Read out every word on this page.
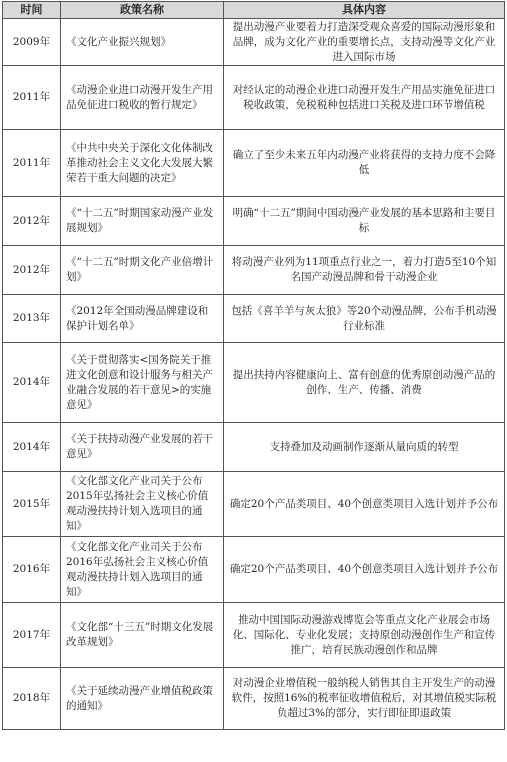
时间	政策名称	具体内容
2009年	《文化产业振兴规划》	提出动漫产业要着力打造深受观众喜爱的国际动漫形象和品牌，成为文化产业的重要增长点，支持动漫等文化产业进入国际市场
2011年	《动漫企业进口动漫开发生产用品免征进口税收的暂行规定》	对经认定的动漫企业进口动漫开发生产用品实施免征进口税收政策，免税税种包括进口关税及进口环节增值税
2011年	《中共中央关于深化文化体制改革推动社会主义文化大发展大繁荣若干重大问题的决定》	确立了至少未来五年内动漫产业将获得的支持力度不会降低
2012年	《“十二五”时期国家动漫产业发展规划》	明确“十二五”期间中国动漫产业发展的基本思路和主要目标
2012年	《“十二五”时期文化产业倍增计划》	将动漫产业列为11项重点行业之一，着力打造5至10个知名国产动漫品牌和骨干动漫企业
2013年	《2012年全国动漫品牌建设和保护计划名单》	包括《喜羊羊与灰太狼》等20个动漫品牌，公布手机动漫行业标准
2014年	《关于贯彻落实<国务院关于推进文化创意和设计服务与相关产业融合发展的若干意见>的实施意见》	提出扶持内容健康向上、富有创意的优秀原创动漫产品的创作、生产、传播、消费
2014年	《关于扶持动漫产业发展的若干意见》	支持叠加及动画制作逐渐从量向质的转型
2015年	《文化部文化产业司关于公布2015年弘扬社会主义核心价值观动漫扶持计划入选项目的通知》	确定20个产品类项目、40个创意类项目入选计划并予公布
2016年	《文化部文化产业司关于公布2016年弘扬社会主义核心价值观动漫扶持计划入选项目的通知》	确定20个产品类项目、40个创意类项目入选计划并予公布
2017年	《文化部“十三五”时期文化发展改革规划》	推动中国国际动漫游戏博览会等重点文化产业展会市场化、国际化、专业化发展；支持原创动漫创作生产和宣传推广，培育民族动漫创作和品牌
2018年	《关于延续动漫产业增值税政策的通知》	对动漫企业增值税一般纳税人销售其自主开发生产的动漫软件，按照16%的税率征收增值税后，对其增值税实际税负超过3%的部分，实行即征即退政策
